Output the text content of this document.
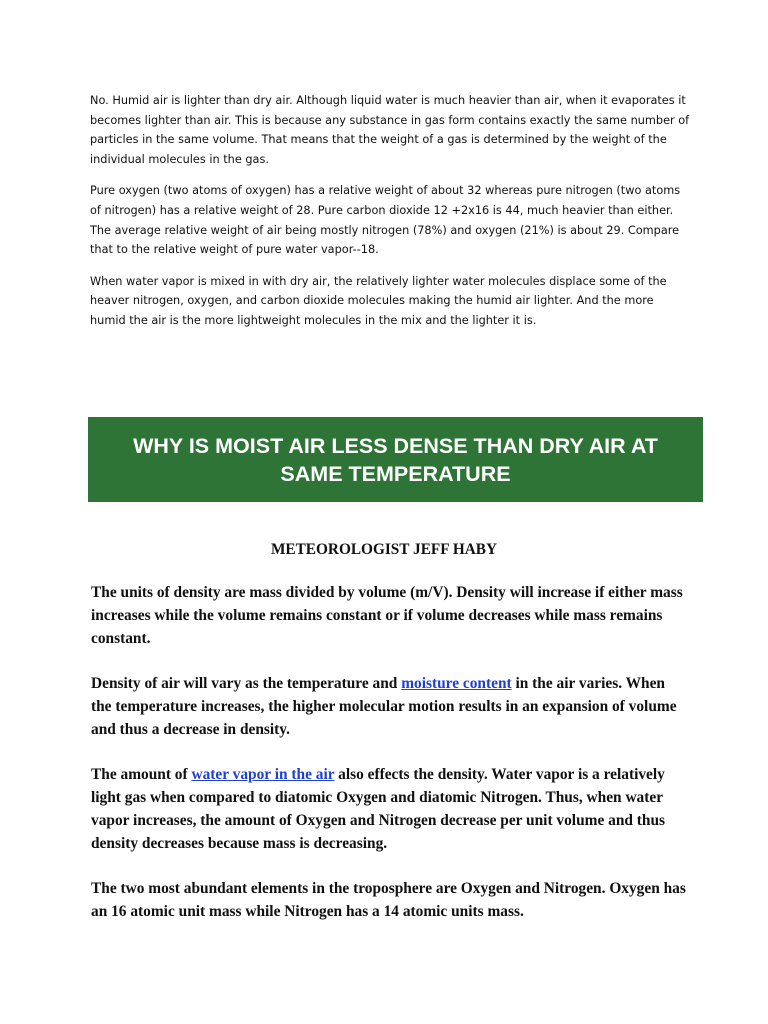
No. Humid air is lighter than dry air. Although liquid water is much heavier than air, when it evaporates it becomes lighter than air. This is because any substance in gas form contains exactly the same number of particles in the same volume. That means that the weight of a gas is determined by the weight of the individual molecules in the gas.

Pure oxygen (two atoms of oxygen) has a relative weight of about 32 whereas pure nitrogen (two atoms of nitrogen) has a relative weight of 28. Pure carbon dioxide 12 +2x16 is 44, much heavier than either. The average relative weight of air being mostly nitrogen (78%) and oxygen (21%) is about 29. Compare that to the relative weight of pure water vapor--18.

When water vapor is mixed in with dry air, the relatively lighter water molecules displace some of the heaver nitrogen, oxygen, and carbon dioxide molecules making the humid air lighter. And the more humid the air is the more lightweight molecules in the mix and the lighter it is.

WHY IS MOIST AIR LESS DENSE THAN DRY AIR AT SAME TEMPERATURE
METEOROLOGIST JEFF HABY

The units of density are mass divided by volume (m/V). Density will increase if either mass increases while the volume remains constant or if volume decreases while mass remains constant.

Density of air will vary as the temperature and moisture content in the air varies. When the temperature increases, the higher molecular motion results in an expansion of volume and thus a decrease in density.

The amount of water vapor in the air also effects the density. Water vapor is a relatively light gas when compared to diatomic Oxygen and diatomic Nitrogen. Thus, when water vapor increases, the amount of Oxygen and Nitrogen decrease per unit volume and thus density decreases because mass is decreasing.

The two most abundant elements in the troposphere are Oxygen and Nitrogen. Oxygen has an 16 atomic unit mass while Nitrogen has a 14 atomic units mass.
